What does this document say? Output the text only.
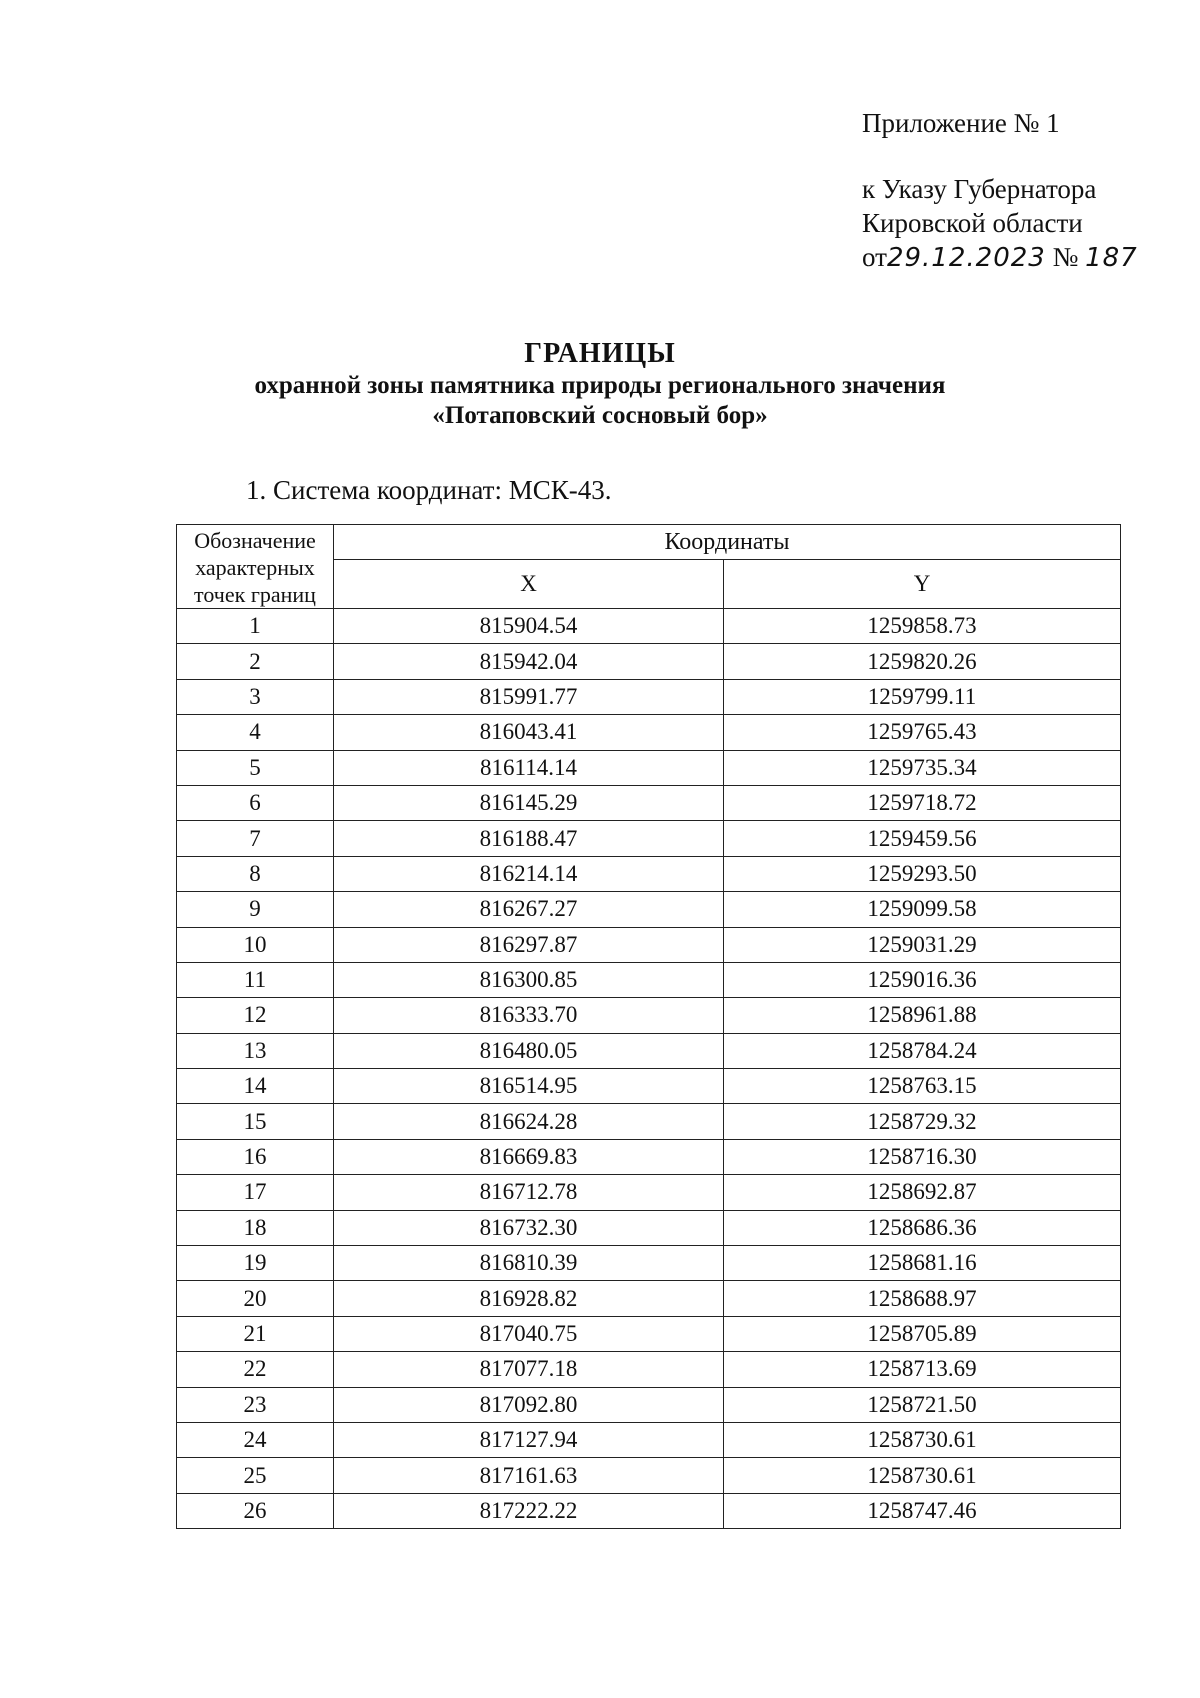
Приложение № 1
к Указу Губернатора
Кировской области
от29.12.2023 № 187
ГРАНИЦЫ
охранной зоны памятника природы регионального значения
«Потаповский сосновый бор»
1. Система координат: МСК-43.
Обозначение характерных точек границ	Координаты	
	X	Y
1	815904.54	1259858.73
2	815942.04	1259820.26
3	815991.77	1259799.11
4	816043.41	1259765.43
5	816114.14	1259735.34
6	816145.29	1259718.72
7	816188.47	1259459.56
8	816214.14	1259293.50
9	816267.27	1259099.58
10	816297.87	1259031.29
11	816300.85	1259016.36
12	816333.70	1258961.88
13	816480.05	1258784.24
14	816514.95	1258763.15
15	816624.28	1258729.32
16	816669.83	1258716.30
17	816712.78	1258692.87
18	816732.30	1258686.36
19	816810.39	1258681.16
20	816928.82	1258688.97
21	817040.75	1258705.89
22	817077.18	1258713.69
23	817092.80	1258721.50
24	817127.94	1258730.61
25	817161.63	1258730.61
26	817222.22	1258747.46
